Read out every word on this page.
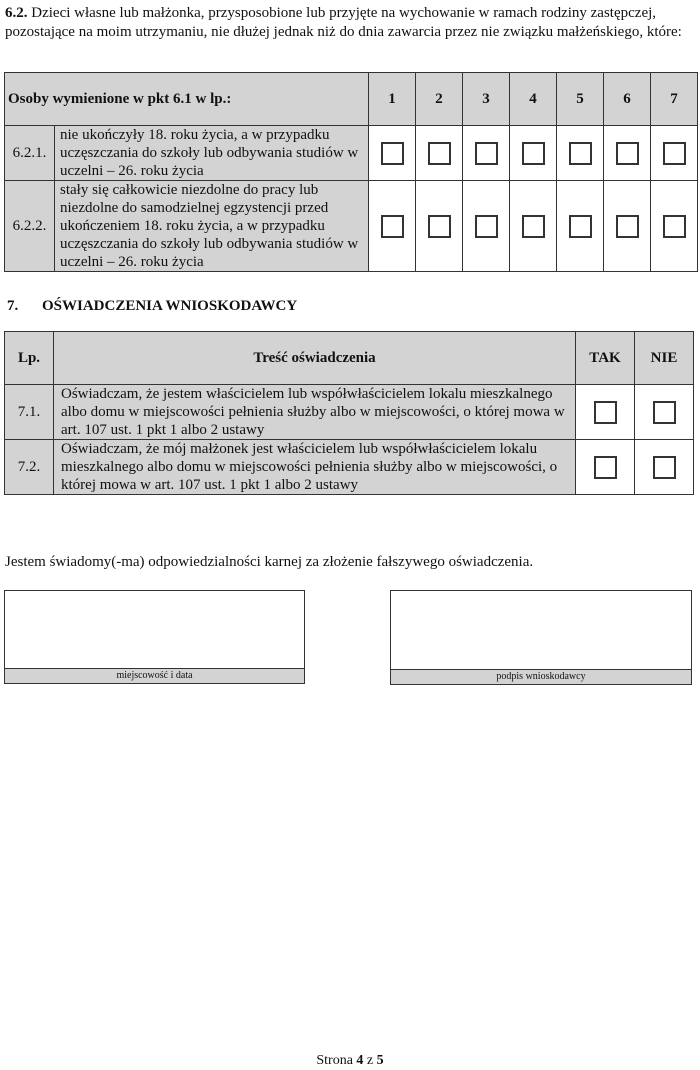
6.2. Dzieci własne lub małżonka, przysposobione lub przyjęte na wychowanie w ramach rodziny zastępczej, pozostające na moim utrzymaniu, nie dłużej jednak niż do dnia zawarcia przez nie związku małżeńskiego, które:
Osoby wymienione w pkt 6.1 w lp.:		1	2	3	4	5	6	7
6.2.1.	nie ukończyły 18. roku życia, a w przypadku uczęszczania do szkoły lub odbywania studiów w uczelni – 26. roku życia							
6.2.2.	stały się całkowicie niezdolne do pracy lub niezdolne do samodzielnej egzystencji przed ukończeniem 18. roku życia, a w przypadku uczęszczania do szkoły lub odbywania studiów w uczelni – 26. roku życia							
7. OŚWIADCZENIA WNIOSKODAWCY
Lp.	Treść oświadczenia	TAK	NIE
7.1.	Oświadczam, że jestem właścicielem lub współwłaścicielem lokalu mieszkalnego albo domu w miejscowości pełnienia służby albo w miejscowości, o której mowa w art. 107 ust. 1 pkt 1 albo 2 ustawy		
7.2.	Oświadczam, że mój małżonek jest właścicielem lub współwłaścicielem lokalu mieszkalnego albo domu w miejscowości pełnienia służby albo w miejscowości, o której mowa w art. 107 ust. 1 pkt 1 albo 2 ustawy		
Jestem świadomy(-ma) odpowiedzialności karnej za złożenie fałszywego oświadczenia.
miejscowość i data	podpis wnioskodawcy
Strona 4 z 5
